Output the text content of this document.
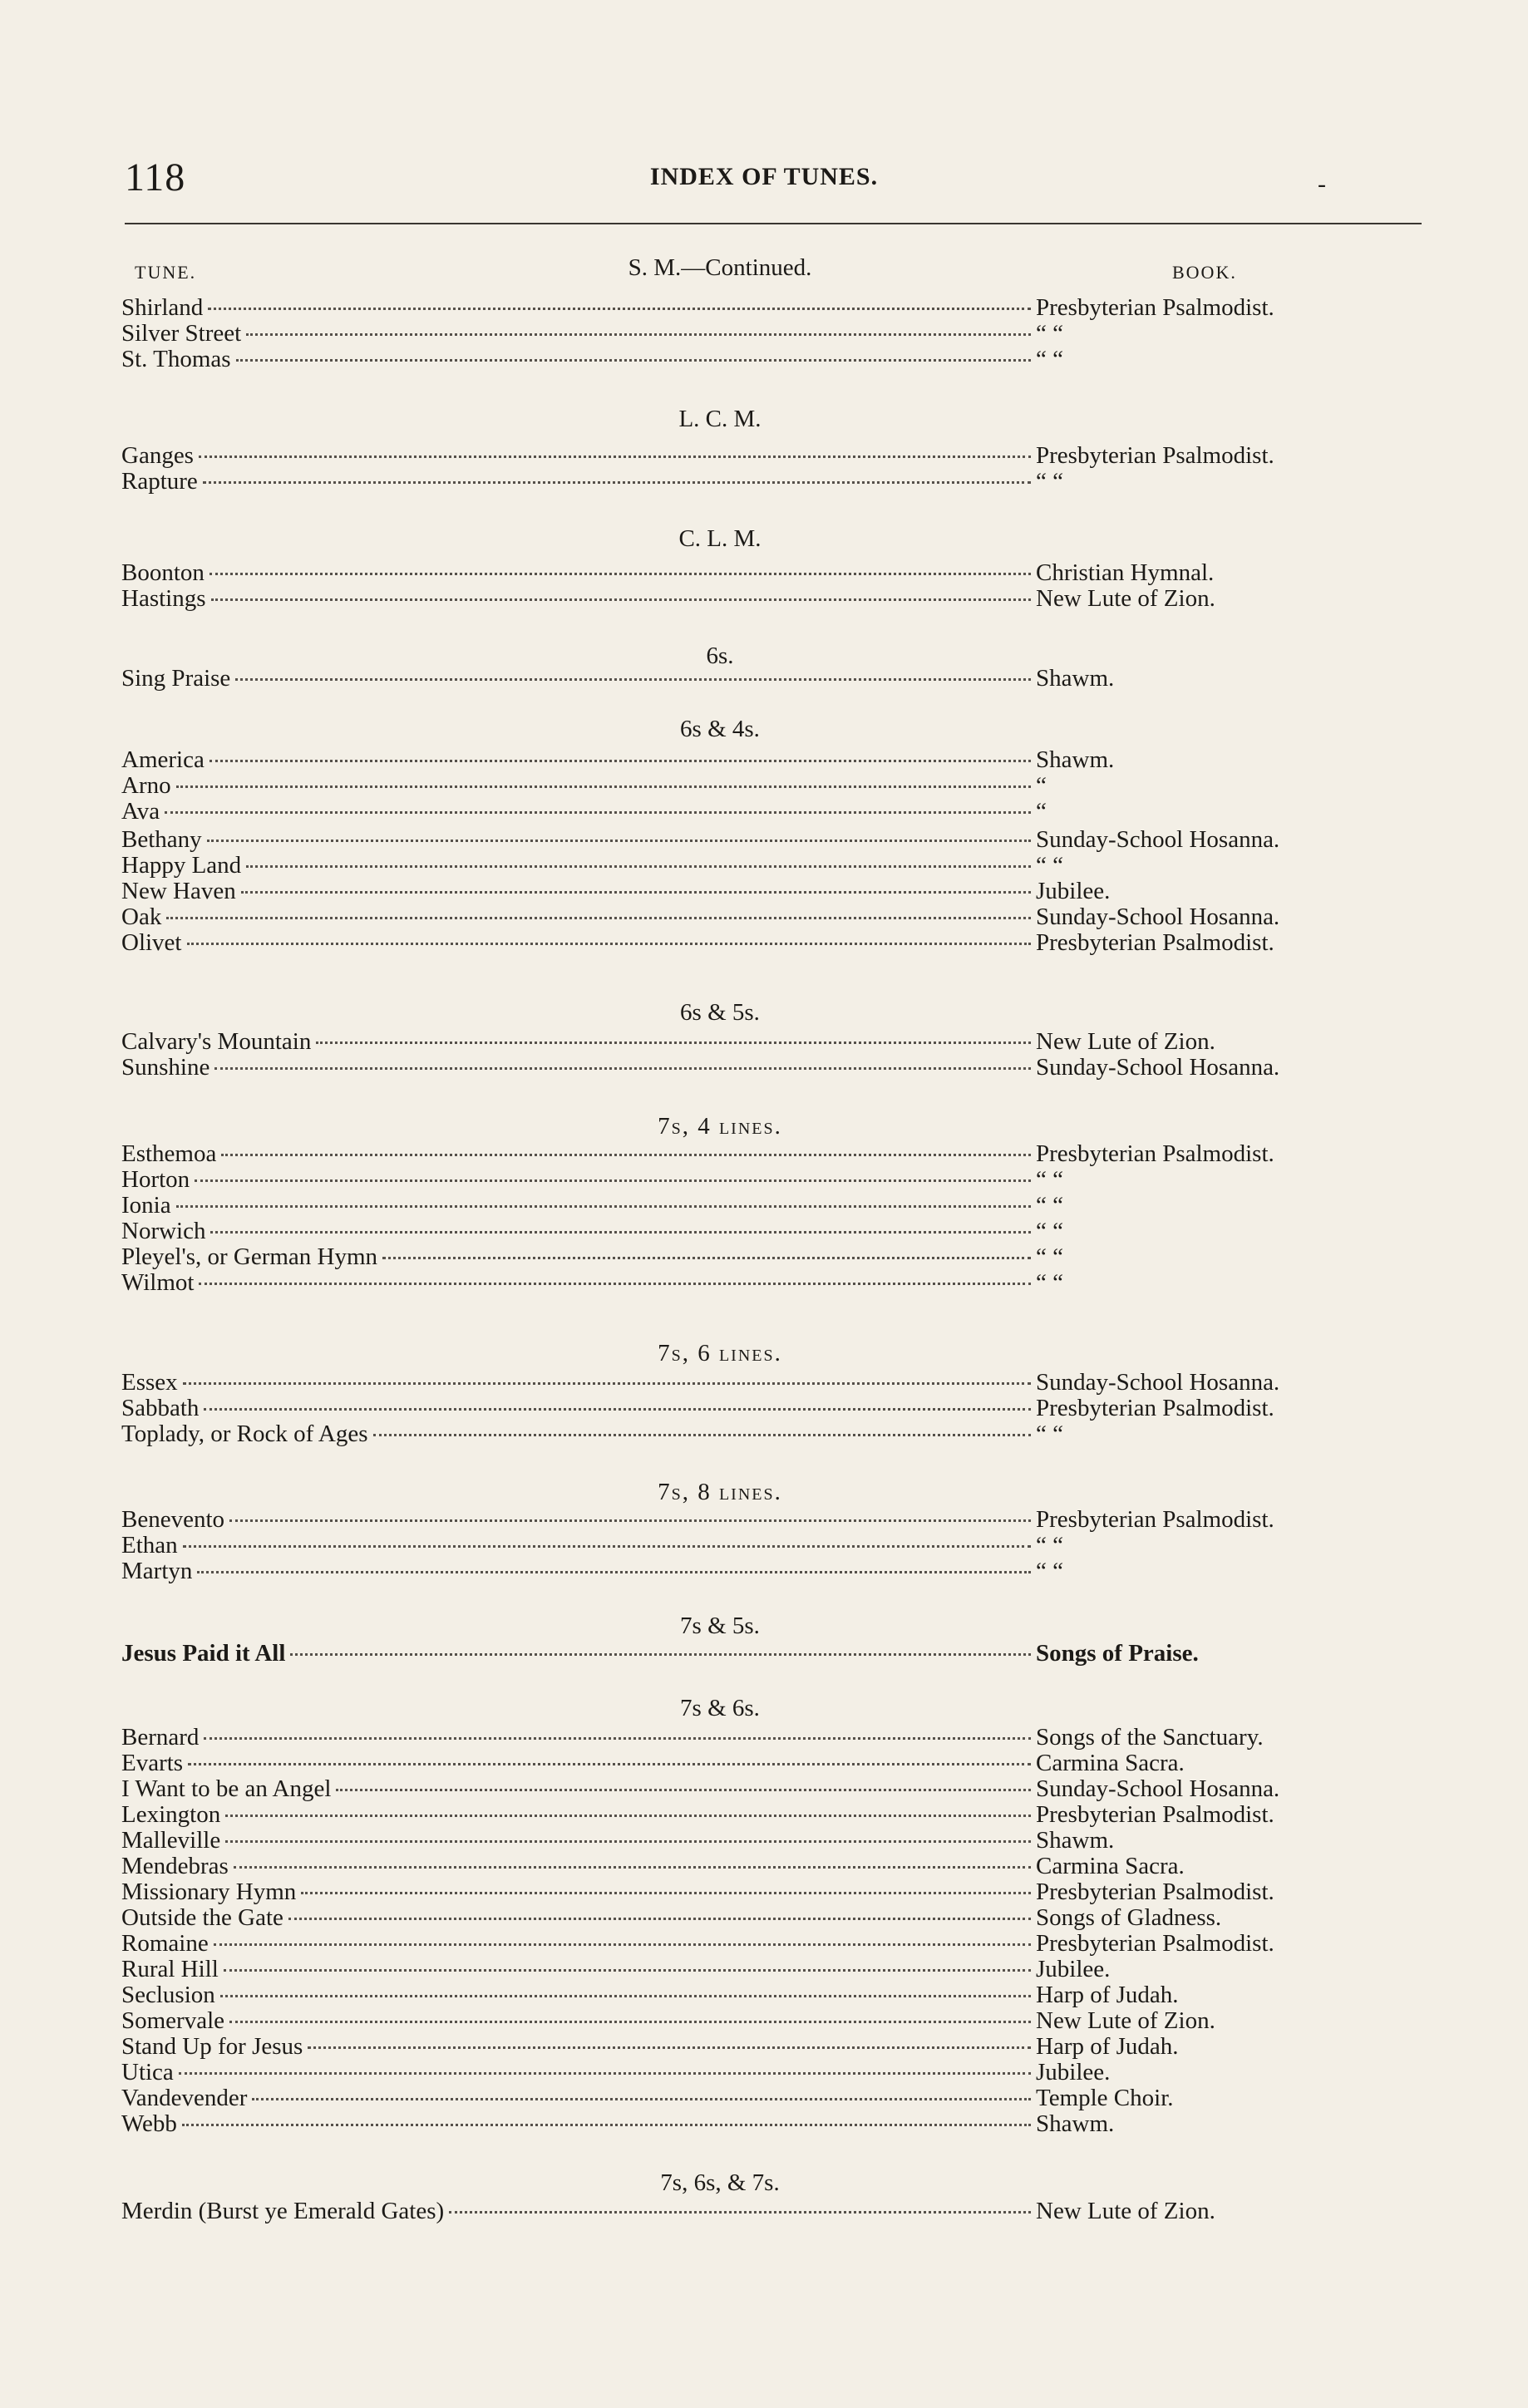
118	INDEX OF TUNES.	-
TUNE.	BOOK.
S. M.—Continued.
Shirland	Presbyterian Psalmodist.
Silver Street	“ “
St. Thomas	“ “
L. C. M.
Ganges	Presbyterian Psalmodist.
Rapture	“ “
C. L. M.
Boonton	Christian Hymnal.
Hastings	New Lute of Zion.
6s.
Sing Praise	Shawm.
6s & 4s.
America	Shawm.
Arno	“
Ava	“
Bethany	Sunday-School Hosanna.
Happy Land	“ “
New Haven	Jubilee.
Oak	Sunday-School Hosanna.
Olivet	Presbyterian Psalmodist.
6s & 5s.
Calvary's Mountain	New Lute of Zion.
Sunshine	Sunday-School Hosanna.
7s, 4 lines.
Esthemoa	Presbyterian Psalmodist.
Horton	“ “
Ionia	“ “
Norwich	“ “
Pleyel's, or German Hymn	“ “
Wilmot	“ “
7s, 6 lines.
Essex	Sunday-School Hosanna.
Sabbath	Presbyterian Psalmodist.
Toplady, or Rock of Ages	“ “
7s, 8 lines.
Benevento	Presbyterian Psalmodist.
Ethan	“ “
Martyn	“ “
7s & 5s.
Jesus Paid it All	Songs of Praise.
7s & 6s.
Bernard	Songs of the Sanctuary.
Evarts	Carmina Sacra.
I Want to be an Angel	Sunday-School Hosanna.
Lexington	Presbyterian Psalmodist.
Malleville	Shawm.
Mendebras	Carmina Sacra.
Missionary Hymn	Presbyterian Psalmodist.
Outside the Gate	Songs of Gladness.
Romaine	Presbyterian Psalmodist.
Rural Hill	Jubilee.
Seclusion	Harp of Judah.
Somervale	New Lute of Zion.
Stand Up for Jesus	Harp of Judah.
Utica	Jubilee.
Vandevender	Temple Choir.
Webb	Shawm.
7s, 6s, & 7s.
Merdin (Burst ye Emerald Gates)	New Lute of Zion.
